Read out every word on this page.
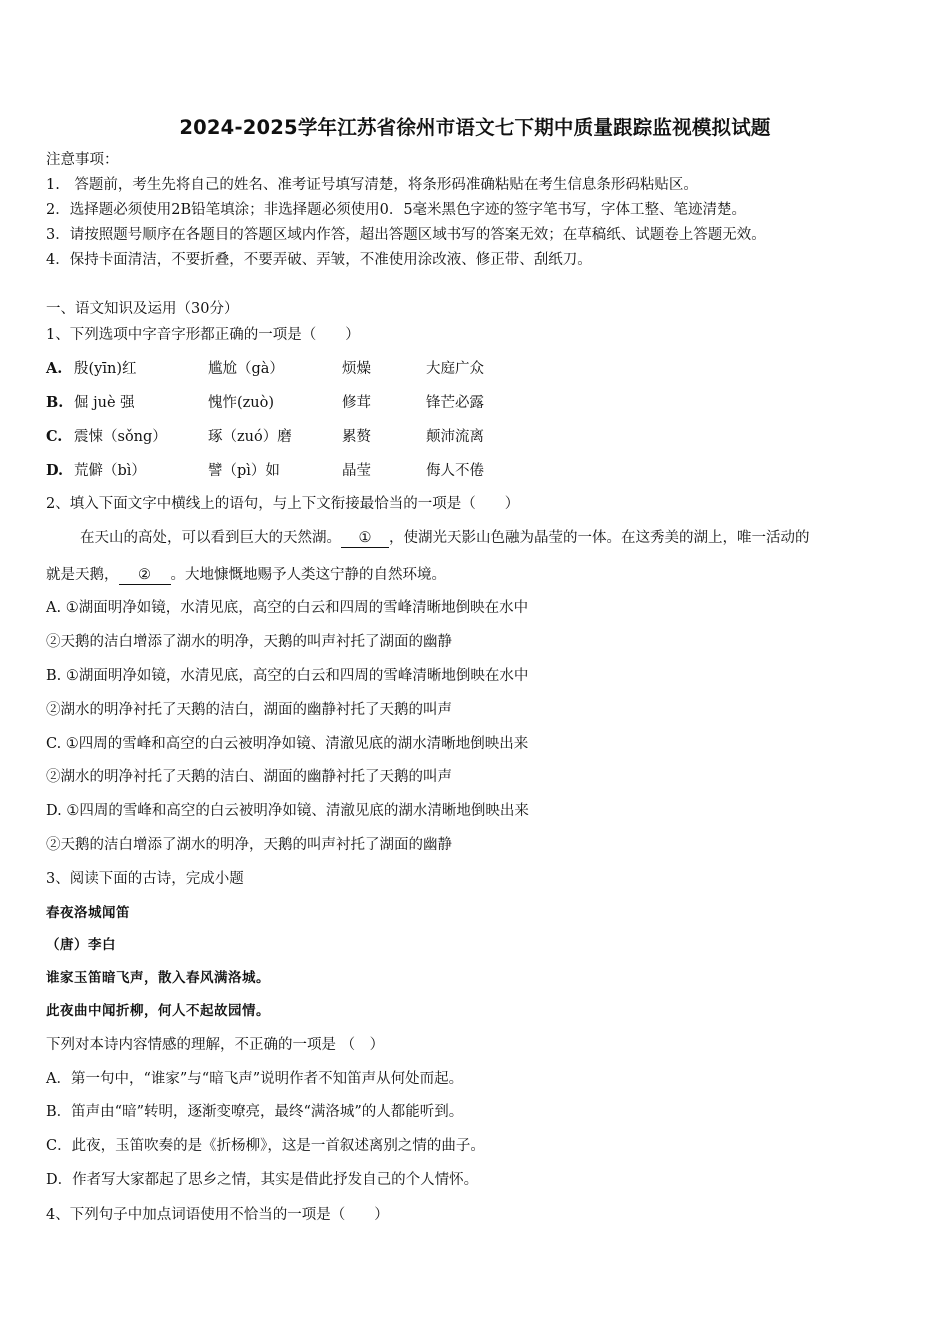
2024-2025学年江苏省徐州市语文七下期中质量跟踪监视模拟试题
注意事项：
1.　答题前，考生先将自己的姓名、准考证号填写清楚，将条形码准确粘贴在考生信息条形码粘贴区。
2．选择题必须使用2B铅笔填涂；非选择题必须使用0．5毫米黑色字迹的签字笔书写，字体工整、笔迹清楚。
3．请按照题号顺序在各题目的答题区域内作答，超出答题区域书写的答案无效；在草稿纸、试题卷上答题无效。
4．保持卡面清洁，不要折叠，不要弄破、弄皱，不准使用涂改液、修正带、刮纸刀。
一、语文知识及运用（30分）
1、下列选项中字音字形都正确的一项是（　　）
A. 殷(yīn)红	尴尬（gà）	烦燥	大庭广众
B. 倔 juè 强	愧怍(zuò)	修茸	锋芒必露
C. 震悚（sǒng）	琢（zuó）磨	累赘	颠沛流离
D. 荒僻（bì）	譬（pì）如	晶莹	侮人不倦
2、填入下面文字中横线上的语句，与上下文衔接最恰当的一项是（　　）
在天山的高处，可以看到巨大的天然湖。 ① ，使湖光天影山色融为晶莹的一体。在这秀美的湖上，唯一活动的
就是天鹅， ② 。大地慷慨地赐予人类这宁静的自然环境。
A. ①湖面明净如镜，水清见底，高空的白云和四周的雪峰清晰地倒映在水中
②天鹅的洁白增添了湖水的明净，天鹅的叫声衬托了湖面的幽静
B. ①湖面明净如镜，水清见底，高空的白云和四周的雪峰清晰地倒映在水中
②湖水的明净衬托了天鹅的洁白，湖面的幽静衬托了天鹅的叫声
C. ①四周的雪峰和高空的白云被明净如镜、清澈见底的湖水清晰地倒映出来
②湖水的明净衬托了天鹅的洁白、湖面的幽静衬托了天鹅的叫声
D. ①四周的雪峰和高空的白云被明净如镜、清澈见底的湖水清晰地倒映出来
②天鹅的洁白增添了湖水的明净，天鹅的叫声衬托了湖面的幽静
3、阅读下面的古诗，完成小题
春夜洛城闻笛
（唐）李白
谁家玉笛暗飞声，散入春风满洛城。
此夜曲中闻折柳，何人不起故园情。
下列对本诗内容情感的理解，不正确的一项是 （　）
A．第一句中，“谁家”与“暗飞声”说明作者不知笛声从何处而起。
B．笛声由“暗”转明，逐渐变嘹亮，最终“满洛城”的人都能听到。
C．此夜，玉笛吹奏的是《折杨柳》，这是一首叙述离别之情的曲子。
D．作者写大家都起了思乡之情，其实是借此抒发自己的个人情怀。
4、下列句子中加点词语使用不恰当的一项是（　　）
